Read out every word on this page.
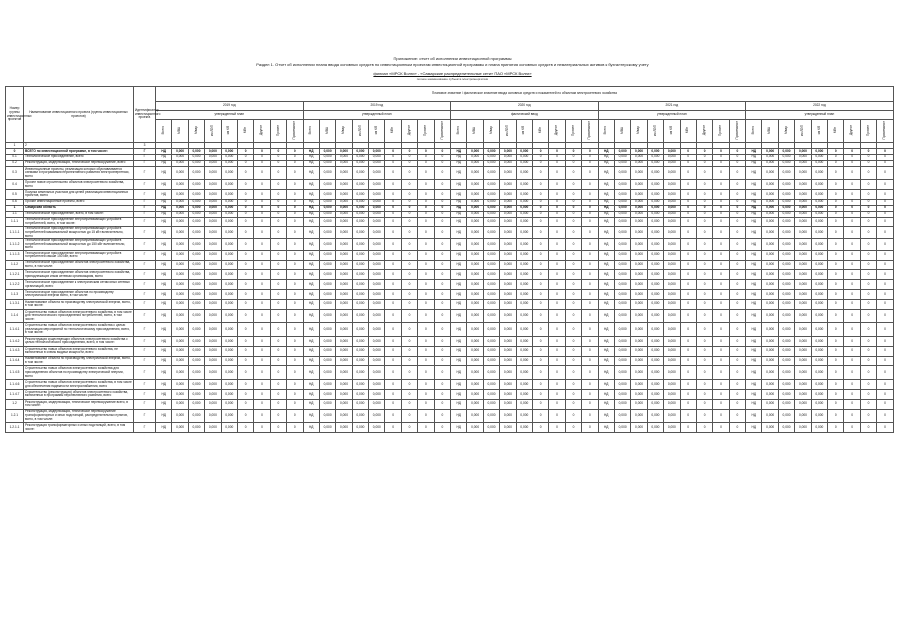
Приложение: отчет об исполнении инвестиционной программы
Раздел 1. Отчет об исполнении плана ввода основных средств по инвестиционным проектам инвестиционной программы и плана принятия основных средств и нематериальных активов к бухгалтерскому учету
филиал «МРСК Волги» - «Самарские распределительные сети» ПАО «МРСК Волги»
полное наименование субъекта электроэнергетики
Номер группы инвестиционных проектов	Наименование инвестиционного проекта (группы инвестиционных проектов)	Идентификатор инвестиционного проекта	Плановое значение / фактическое значение ввода основных средств и показателей по объектам электросетевого хозяйства																																												
			2019 год									2019 год									2020 год									2021 год									2022 год								
			утвержденный план									утвержденный план									фактический ввод									утвержденный план									утвержденный план								
			Всего	МВА	Мвар	км ЛЭП	км КЛ	МВт	Другое	Прочее	Примечание	Всего	МВА	Мвар	км ЛЭП	км КЛ	МВт	Другое	Прочее	Примечание	Всего	МВА	Мвар	км ЛЭП	км КЛ	МВт	Другое	Прочее	Примечание	Всего	МВА	Мвар	км ЛЭП	км КЛ	МВт	Другое	Прочее	Примечание	Всего	МВА	Мвар	км ЛЭП	км КЛ	МВт	Другое	Прочее	Примечание
1	2	3																																													
0	ВСЕГО по инвестиционной программе, в том числе:	Г	НД	0,000	0,000	0,000	0,000	0	0	0	0	НД	0,000	0,000	0,000	0,000	0	0	0	0	НД	0,000	0,000	0,000	0,000	0	0	0	0	НД	0,000	0,000	0,000	0,000	0	0	0	0	НД	0,000	0,000	0,000	0,000	0	0	0	0
0.1	Технологическое присоединение, всего	Г	НД	0,000	0,000	0,000	0,000	0	0	0	0	НД	0,000	0,000	0,000	0,000	0	0	0	0	НД	0,000	0,000	0,000	0,000	0	0	0	0	НД	0,000	0,000	0,000	0,000	0	0	0	0	НД	0,000	0,000	0,000	0,000	0	0	0	0
0.2	Реконструкция, модернизация, техническое перевооружение, всего	Г	НД	0,000	0,000	0,000	0,000	0	0	0	0	НД	0,000	0,000	0,000	0,000	0	0	0	0	НД	0,000	0,000	0,000	0,000	0	0	0	0	НД	0,000	0,000	0,000	0,000	0	0	0	0	НД	0,000	0,000	0,000	0,000	0	0	0	0
0.3	Инвестиционные проекты, реализация которых обуславливается схемами и программами перспективного развития электроэнергетики, всего	Г	НД	0,000	0,000	0,000	0,000	0	0	0	0	НД	0,000	0,000	0,000	0,000	0	0	0	0	НД	0,000	0,000	0,000	0,000	0	0	0	0	НД	0,000	0,000	0,000	0,000	0	0	0	0	НД	0,000	0,000	0,000	0,000	0	0	0	0
0.4	Прочее новое строительство объектов электросетевого хозяйства, всего	Г	НД	0,000	0,000	0,000	0,000	0	0	0	0	НД	0,000	0,000	0,000	0,000	0	0	0	0	НД	0,000	0,000	0,000	0,000	0	0	0	0	НД	0,000	0,000	0,000	0,000	0	0	0	0	НД	0,000	0,000	0,000	0,000	0	0	0	0
0.5	Покупка земельных участков для целей реализации инвестиционных проектов, всего	Г	НД	0,000	0,000	0,000	0,000	0	0	0	0	НД	0,000	0,000	0,000	0,000	0	0	0	0	НД	0,000	0,000	0,000	0,000	0	0	0	0	НД	0,000	0,000	0,000	0,000	0	0	0	0	НД	0,000	0,000	0,000	0,000	0	0	0	0
0.6	Прочие инвестиционные проекты, всего	Г	НД	0,000	0,000	0,000	0,000	0	0	0	0	НД	0,000	0,000	0,000	0,000	0	0	0	0	НД	0,000	0,000	0,000	0,000	0	0	0	0	НД	0,000	0,000	0,000	0,000	0	0	0	0	НД	0,000	0,000	0,000	0,000	0	0	0	0
1	Самарская область	Г	НД	0,000	0,000	0,000	0,000	0	0	0	0	НД	0,000	0,000	0,000	0,000	0	0	0	0	НД	0,000	0,000	0,000	0,000	0	0	0	0	НД	0,000	0,000	0,000	0,000	0	0	0	0	НД	0,000	0,000	0,000	0,000	0	0	0	0
1.1	Технологическое присоединение, всего, в том числе:	Г	НД	0,000	0,000	0,000	0,000	0	0	0	0	НД	0,000	0,000	0,000	0,000	0	0	0	0	НД	0,000	0,000	0,000	0,000	0	0	0	0	НД	0,000	0,000	0,000	0,000	0	0	0	0	НД	0,000	0,000	0,000	0,000	0	0	0	0
1.1.1	Технологическое присоединение энергопринимающих устройств потребителей, всего, в том числе:	Г	НД	0,000	0,000	0,000	0,000	0	0	0	0	НД	0,000	0,000	0,000	0,000	0	0	0	0	НД	0,000	0,000	0,000	0,000	0	0	0	0	НД	0,000	0,000	0,000	0,000	0	0	0	0	НД	0,000	0,000	0,000	0,000	0	0	0	0
1.1.1.1	Технологическое присоединение энергопринимающих устройств потребителей максимальной мощностью до 15 кВт включительно, всего	Г	НД	0,000	0,000	0,000	0,000	0	0	0	0	НД	0,000	0,000	0,000	0,000	0	0	0	0	НД	0,000	0,000	0,000	0,000	0	0	0	0	НД	0,000	0,000	0,000	0,000	0	0	0	0	НД	0,000	0,000	0,000	0,000	0	0	0	0
1.1.1.2	Технологическое присоединение энергопринимающих устройств потребителей максимальной мощностью до 150 кВт включительно, всего	Г	НД	0,000	0,000	0,000	0,000	0	0	0	0	НД	0,000	0,000	0,000	0,000	0	0	0	0	НД	0,000	0,000	0,000	0,000	0	0	0	0	НД	0,000	0,000	0,000	0,000	0	0	0	0	НД	0,000	0,000	0,000	0,000	0	0	0	0
1.1.1.3	Технологическое присоединение энергопринимающих устройств потребителей свыше 150 кВт, всего	Г	НД	0,000	0,000	0,000	0,000	0	0	0	0	НД	0,000	0,000	0,000	0,000	0	0	0	0	НД	0,000	0,000	0,000	0,000	0	0	0	0	НД	0,000	0,000	0,000	0,000	0	0	0	0	НД	0,000	0,000	0,000	0,000	0	0	0	0
1.1.2	Технологическое присоединение объектов электросетевого хозяйства, всего, в том числе:	Г	НД	0,000	0,000	0,000	0,000	0	0	0	0	НД	0,000	0,000	0,000	0,000	0	0	0	0	НД	0,000	0,000	0,000	0,000	0	0	0	0	НД	0,000	0,000	0,000	0,000	0	0	0	0	НД	0,000	0,000	0,000	0,000	0	0	0	0
1.1.2.1	Технологическое присоединение объектов электросетевого хозяйства, принадлежащих иным сетевым организациям, всего	Г	НД	0,000	0,000	0,000	0,000	0	0	0	0	НД	0,000	0,000	0,000	0,000	0	0	0	0	НД	0,000	0,000	0,000	0,000	0	0	0	0	НД	0,000	0,000	0,000	0,000	0	0	0	0	НД	0,000	0,000	0,000	0,000	0	0	0	0
1.1.2.2	Технологическое присоединение к электрическим сетям иных сетевых организаций, всего	Г	НД	0,000	0,000	0,000	0,000	0	0	0	0	НД	0,000	0,000	0,000	0,000	0	0	0	0	НД	0,000	0,000	0,000	0,000	0	0	0	0	НД	0,000	0,000	0,000	0,000	0	0	0	0	НД	0,000	0,000	0,000	0,000	0	0	0	0
1.1.3	Технологическое присоединение объектов по производству электрической энергии всего, в том числе:	Г	НД	0,000	0,000	0,000	0,000	0	0	0	0	НД	0,000	0,000	0,000	0,000	0	0	0	0	НД	0,000	0,000	0,000	0,000	0	0	0	0	НД	0,000	0,000	0,000	0,000	0	0	0	0	НД	0,000	0,000	0,000	0,000	0	0	0	0
1.1.3.1	Наименование объекта по производству электрической энергии, всего, в том числе:	Г	НД	0,000	0,000	0,000	0,000	0	0	0	0	НД	0,000	0,000	0,000	0,000	0	0	0	0	НД	0,000	0,000	0,000	0,000	0	0	0	0	НД	0,000	0,000	0,000	0,000	0	0	0	0	НД	0,000	0,000	0,000	0,000	0	0	0	0
1.1.4	Строительство новых объектов электросетевого хозяйства, в том числе для технологического присоединения потребителей, всего, в том числе:	Г	НД	0,000	0,000	0,000	0,000	0	0	0	0	НД	0,000	0,000	0,000	0,000	0	0	0	0	НД	0,000	0,000	0,000	0,000	0	0	0	0	НД	0,000	0,000	0,000	0,000	0	0	0	0	НД	0,000	0,000	0,000	0,000	0	0	0	0
1.1.4.1	Строительство новых объектов электросетевого хозяйства с целью реализации мероприятий по технологическому присоединению, всего, в том числе:	Г	НД	0,000	0,000	0,000	0,000	0	0	0	0	НД	0,000	0,000	0,000	0,000	0	0	0	0	НД	0,000	0,000	0,000	0,000	0	0	0	0	НД	0,000	0,000	0,000	0,000	0	0	0	0	НД	0,000	0,000	0,000	0,000	0	0	0	0
1.1.4.2	Реконструкция существующих объектов электросетевого хозяйства с целью технологического присоединения, всего, в том числе:	Г	НД	0,000	0,000	0,000	0,000	0	0	0	0	НД	0,000	0,000	0,000	0,000	0	0	0	0	НД	0,000	0,000	0,000	0,000	0	0	0	0	НД	0,000	0,000	0,000	0,000	0	0	0	0	НД	0,000	0,000	0,000	0,000	0	0	0	0
1.1.4.3	Строительство новых объектов электросетевого хозяйства, не включенных в схемы выдачи мощности, всего	Г	НД	0,000	0,000	0,000	0,000	0	0	0	0	НД	0,000	0,000	0,000	0,000	0	0	0	0	НД	0,000	0,000	0,000	0,000	0	0	0	0	НД	0,000	0,000	0,000	0,000	0	0	0	0	НД	0,000	0,000	0,000	0,000	0	0	0	0
1.1.4.4	Наименование объекта по производству электрической энергии, всего, в том числе:	Г	НД	0,000	0,000	0,000	0,000	0	0	0	0	НД	0,000	0,000	0,000	0,000	0	0	0	0	НД	0,000	0,000	0,000	0,000	0	0	0	0	НД	0,000	0,000	0,000	0,000	0	0	0	0	НД	0,000	0,000	0,000	0,000	0	0	0	0
1.1.4.5	Строительство новых объектов электросетевого хозяйства для присоединения объектов по производству электрической энергии, всего	Г	НД	0,000	0,000	0,000	0,000	0	0	0	0	НД	0,000	0,000	0,000	0,000	0	0	0	0	НД	0,000	0,000	0,000	0,000	0	0	0	0	НД	0,000	0,000	0,000	0,000	0	0	0	0	НД	0,000	0,000	0,000	0,000	0	0	0	0
1.1.4.6	Строительство новых объектов электросетевого хозяйства, в том числе для обеспечения надежности электроснабжения, всего	Г	НД	0,000	0,000	0,000	0,000	0	0	0	0	НД	0,000	0,000	0,000	0,000	0	0	0	0	НД	0,000	0,000	0,000	0,000	0	0	0	0	НД	0,000	0,000	0,000	0,000	0	0	0	0	НД	0,000	0,000	0,000	0,000	0	0	0	0
1.1.4.7	Строительство (реконструкция) объектов электросетевого хозяйства, включенных в программы перспективного развития, всего	Г	НД	0,000	0,000	0,000	0,000	0	0	0	0	НД	0,000	0,000	0,000	0,000	0	0	0	0	НД	0,000	0,000	0,000	0,000	0	0	0	0	НД	0,000	0,000	0,000	0,000	0	0	0	0	НД	0,000	0,000	0,000	0,000	0	0	0	0
1.2	Реконструкция, модернизация, техническое перевооружение всего, в том числе:	Г	НД	0,000	0,000	0,000	0,000	0	0	0	0	НД	0,000	0,000	0,000	0,000	0	0	0	0	НД	0,000	0,000	0,000	0,000	0	0	0	0	НД	0,000	0,000	0,000	0,000	0	0	0	0	НД	0,000	0,000	0,000	0,000	0	0	0	0
1.2.1	Реконструкция, модернизация, техническое перевооружение трансформаторных и иных подстанций, распределительных пунктов, всего, в том числе:	Г	НД	0,000	0,000	0,000	0,000	0	0	0	0	НД	0,000	0,000	0,000	0,000	0	0	0	0	НД	0,000	0,000	0,000	0,000	0	0	0	0	НД	0,000	0,000	0,000	0,000	0	0	0	0	НД	0,000	0,000	0,000	0,000	0	0	0	0
1.2.1.1	Реконструкция трансформаторных и иных подстанций, всего, в том числе:	Г	НД	0,000	0,000	0,000	0,000	0	0	0	0	НД	0,000	0,000	0,000	0,000	0	0	0	0	НД	0,000	0,000	0,000	0,000	0	0	0	0	НД	0,000	0,000	0,000	0,000	0	0	0	0	НД	0,000	0,000	0,000	0,000	0	0	0	0
